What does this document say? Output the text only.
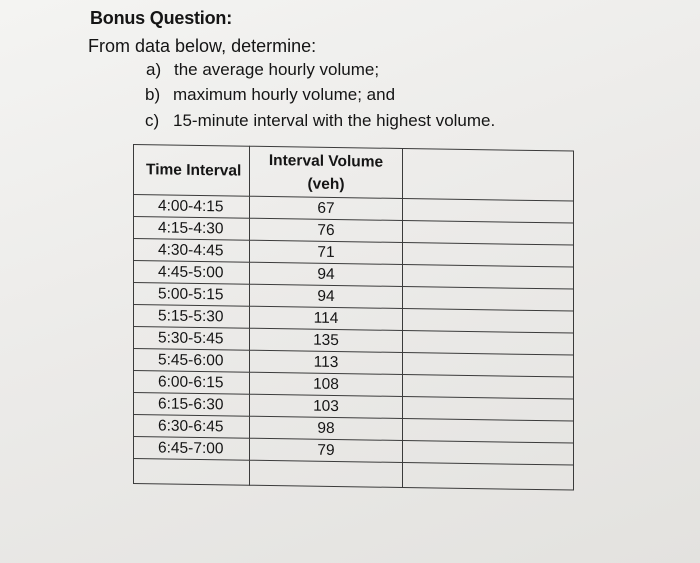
Bonus Question:
From data below, determine:
a) the average hourly volume;
b) maximum hourly volume; and
c) 15-minute interval with the highest volume.
Time Interval	Interval Volume
(veh)	
4:00-4:15	67	
4:15-4:30	76	
4:30-4:45	71	
4:45-5:00	94	
5:00-5:15	94	
5:15-5:30	114	
5:30-5:45	135	
5:45-6:00	113	
6:00-6:15	108	
6:15-6:30	103	
6:30-6:45	98	
6:45-7:00	79	
